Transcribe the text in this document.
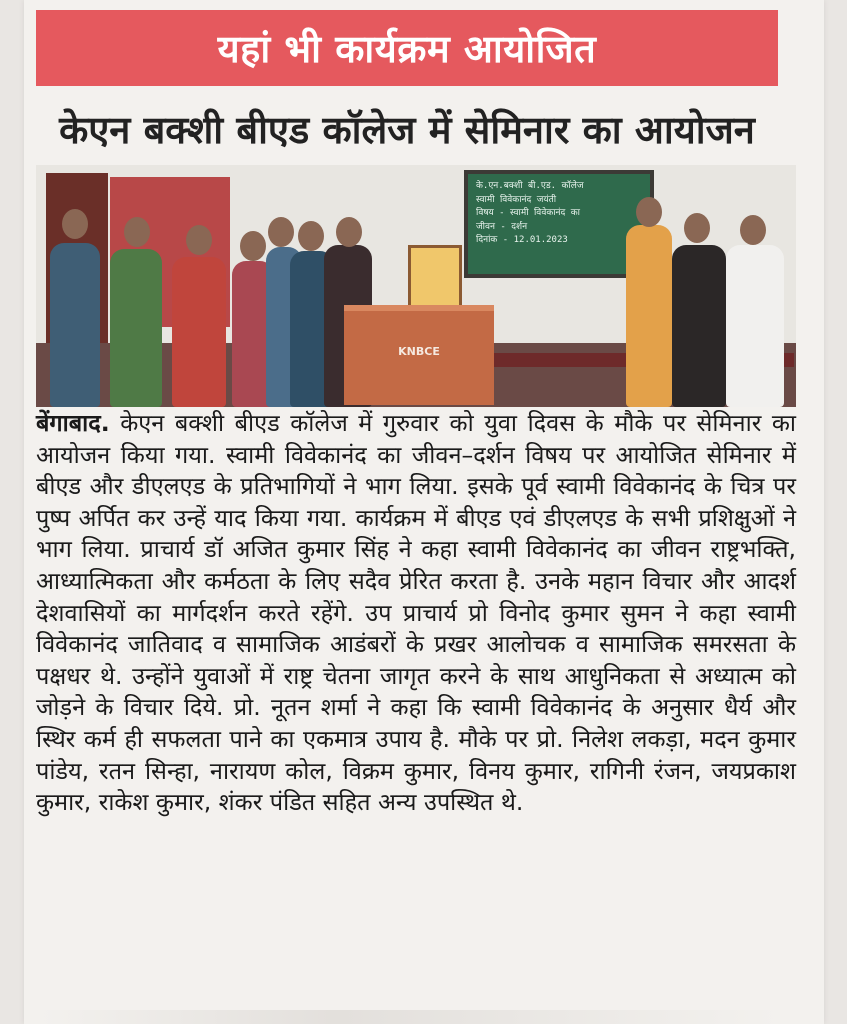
यहां भी कार्यक्रम आयोजित
केएन बक्शी बीएड कॉलेज में सेमिनार का आयोजन
के.एन.बक्शी बी.एड. कॉलेज
स्वामी विवेकानंद जयंती
विषय - स्वामी विवेकानंद का
जीवन - दर्शन
दिनांक - 12.01.2023
KNBCE
बेंगाबाद. केएन बक्शी बीएड कॉलेज में गुरुवार को युवा दिवस के मौके पर सेमिनार का आयोजन किया गया. स्वामी विवेकानंद का जीवन–दर्शन विषय पर आयोजित सेमिनार में बीएड और डीएलएड के प्रतिभागियों ने भाग लिया. इसके पूर्व स्वामी विवेकानंद के चित्र पर पुष्प अर्पित कर उन्हें याद किया गया. कार्यक्रम में बीएड एवं डीएलएड के सभी प्रशिक्षुओं ने भाग लिया. प्राचार्य डॉ अजित कुमार सिंह ने कहा स्वामी विवेकानंद का जीवन राष्ट्रभक्ति, आध्यात्मिकता और कर्मठता के लिए सदैव प्रेरित करता है. उनके महान विचार और आदर्श देशवासियों का मार्गदर्शन करते रहेंगे. उप प्राचार्य प्रो विनोद कुमार सुमन ने कहा स्वामी विवेकानंद जातिवाद व सामाजिक आडंबरों के प्रखर आलोचक व सामाजिक समरसता के पक्षधर थे. उन्होंने युवाओं में राष्ट्र चेतना जागृत करने के साथ आधुनिकता से अध्यात्म को जोड़ने के विचार दिये. प्रो. नूतन शर्मा ने कहा कि स्वामी विवेकानंद के अनुसार धैर्य और स्थिर कर्म ही सफलता पाने का एकमात्र उपाय है. मौके पर प्रो. निलेश लकड़ा, मदन कुमार पांडेय, रतन सिन्हा, नारायण कोल, विक्रम कुमार, विनय कुमार, रागिनी रंजन, जयप्रकाश कुमार, राकेश कुमार, शंकर पंडित सहित अन्य उपस्थित थे.
